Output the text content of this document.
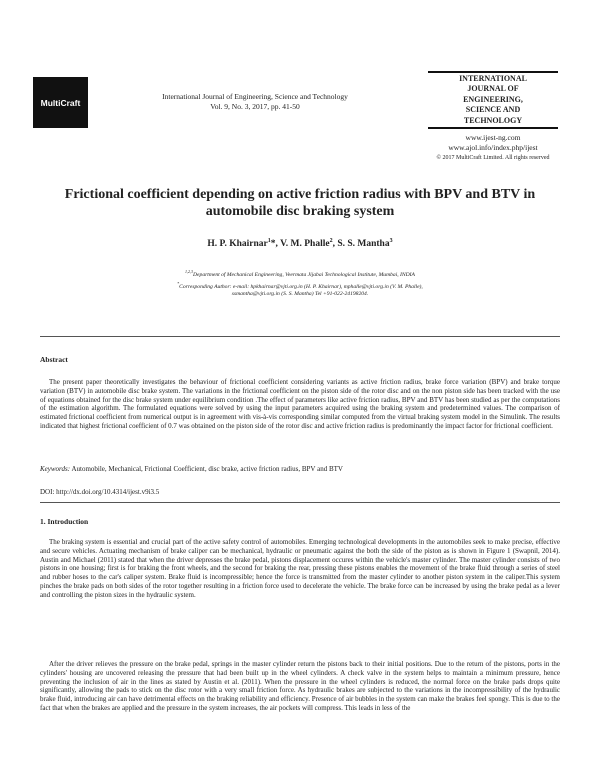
MultiCraft
International Journal of Engineering, Science and Technology
Vol. 9, No. 3, 2017, pp. 41-50
INTERNATIONAL
JOURNAL OF
ENGINEERING,
SCIENCE AND
TECHNOLOGY
www.ijest-ng.com
www.ajol.info/index.php/ijest
© 2017 MultiCraft Limited. All rights reserved
Frictional coefficient depending on active friction radius with BPV and BTV in automobile disc braking system
H. P. Khairnar$^1$*, V. M. Phalle$^2$, S. S. Mantha$^3$
$^{1,2,3}$Department of Mechanical Engineering, Veermata Jijabai Technological Institute, Mumbai, INDIA
*Corresponding Author: e-mail: hpkhairnar@vjti.org.in (H. P. Khairnar), mphalle@vjti.org.in (V. M. Phalle),
ssmantha@vjti.org.in (S. S. Mantha) Tel +91-022-24198204.
Abstract
The present paper theoretically investigates the behaviour of frictional coefficient considering variants as active friction radius, brake force variation (BPV) and brake torque variation (BTV) in automobile disc brake system. The variations in the frictional coefficient on the piston side of the rotor disc and on the non piston side has been tracked with the use of equations obtained for the disc brake system under equilibrium condition .The effect of parameters like active friction radius, BPV and BTV has been studied as per the computations of the estimation algorithm. The formulated equations were solved by using the input parameters acquired using the braking system and predetermined values. The comparison of estimated frictional coefficient from numerical output is in agreement with vis-à-vis corresponding similar computed from the virtual braking system model in the Simulink. The results indicated that highest frictional coefficient of 0.7 was obtained on the piston side of the rotor disc and active friction radius is predominantly the impact factor for frictional coefficient.
Keywords: Automobile, Mechanical, Frictional Coefficient, disc brake, active friction radius, BPV and BTV
DOI: http://dx.doi.org/10.4314/ijest.v9i3.5
1. Introduction
The braking system is essential and crucial part of the active safety control of automobiles. Emerging technological developments in the automobiles seek to make precise, effective and secure vehicles. Actuating mechanism of brake caliper can be mechanical, hydraulic or pneumatic against the both the side of the piston as is shown in Figure 1 (Swapnil, 2014). Austin and Michael (2011) stated that when the driver depresses the brake pedal, pistons displacement occures within the vehicle's master cylinder. The master cylinder consists of two pistons in one housing; first is for braking the front wheels, and the second for braking the rear, pressing these pistons enables the movement of the brake fluid through a series of steel and rubber hoses to the car's caliper system. Brake fluid is incompressible; hence the force is transmitted from the master cylinder to another piston system in the caliper.This system pinches the brake pads on both sides of the rotor together resulting in a friction force used to decelerate the vehicle. The brake force can be increased by using the brake pedal as a lever and controlling the piston sizes in the hydraulic system.
After the driver relieves the pressure on the brake pedal, springs in the master cylinder return the pistons back to their initial positions. Due to the return of the pistons, ports in the cylinders' housing are uncovered releasing the pressure that had been built up in the wheel cylinders. A check valve in the system helps to maintain a minimum pressure, hence preventing the inclusion of air in the lines as stated by Austin et al. (2011). When the pressure in the wheel cylinders is reduced, the normal force on the brake pads drops quite significantly, allowing the pads to stick on the disc rotor with a very small friction force. As hydraulic brakes are subjected to the variations in the incompressibility of the hydraulic brake fluid, introducing air can have detrimental effects on the braking reliability and efficiency. Presence of air bubbles in the system can make the brakes feel spongy. This is due to the fact that when the brakes are applied and the pressure in the system increases, the air pockets will compress. This leads in less of the
